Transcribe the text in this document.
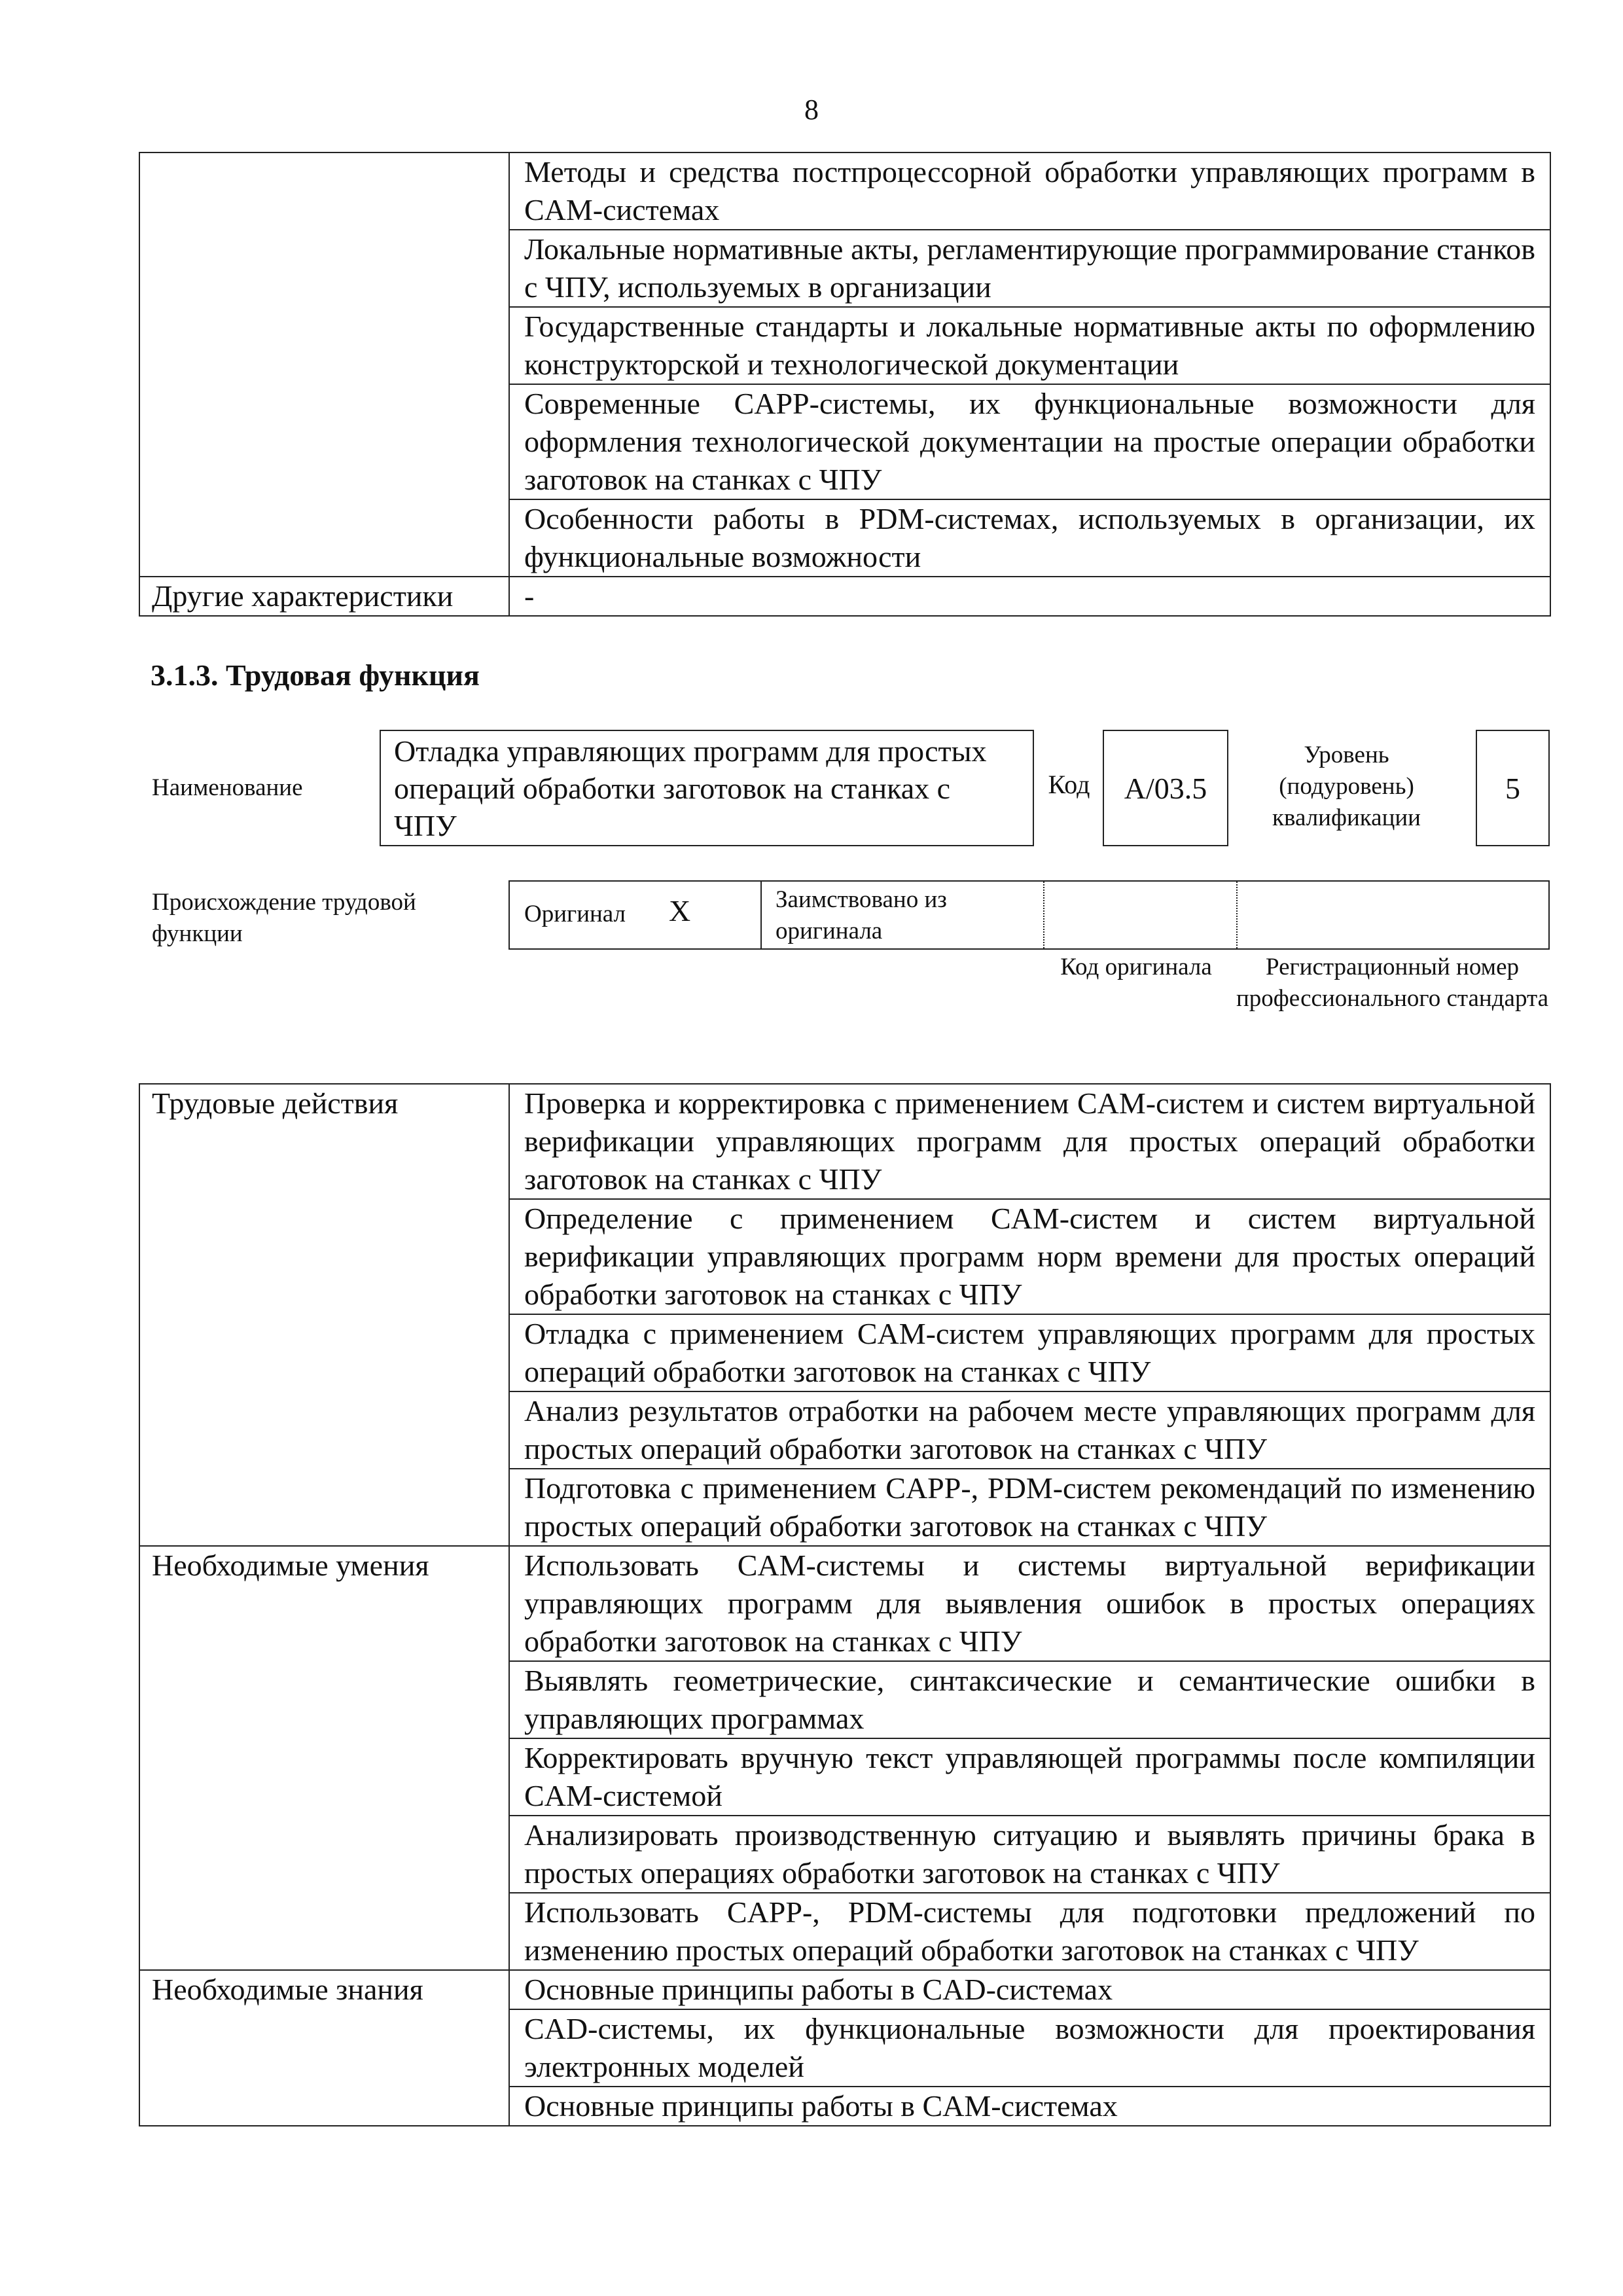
8
	Методы и средства постпроцессорной обработки управляющих программ в CAM-системах
	Локальные нормативные акты, регламентирующие программирование станков с ЧПУ, используемых в организации
	Государственные стандарты и локальные нормативные акты по оформлению конструкторской и технологической документации
	Современные CAPP-системы, их функциональные возможности для оформления технологической документации на простые операции обработки заготовок на станках с ЧПУ
	Особенности работы в PDM-системах, используемых в организации, их функциональные возможности
Другие характеристики	-
3.1.3. Трудовая функция
Наименование
Отладка управляющих программ для простых операций обработки заготовок на станках с ЧПУ
Код	A/03.5
Уровень (подуровень) квалификации
5
Происхождение трудовой функции
Оригинал X	Заимствовано из оригинала
Код оригинала	Регистрационный номер профессионального стандарта
Трудовые действия	Проверка и корректировка с применением CAM-систем и систем виртуальной верификации управляющих программ для простых операций обработки заготовок на станках с ЧПУ
	Определение с применением CAM-систем и систем виртуальной верификации управляющих программ норм времени для простых операций обработки заготовок на станках с ЧПУ
	Отладка с применением CAM-систем управляющих программ для простых операций обработки заготовок на станках с ЧПУ
	Анализ результатов отработки на рабочем месте управляющих программ для простых операций обработки заготовок на станках с ЧПУ
	Подготовка с применением CAPP-, PDM-систем рекомендаций по изменению простых операций обработки заготовок на станках с ЧПУ
Необходимые умения	Использовать CAM-системы и системы виртуальной верификации управляющих программ для выявления ошибок в простых операциях обработки заготовок на станках с ЧПУ
	Выявлять геометрические, синтаксические и семантические ошибки в управляющих программах
	Корректировать вручную текст управляющей программы после компиляции CAM-системой
	Анализировать производственную ситуацию и выявлять причины брака в простых операциях обработки заготовок на станках с ЧПУ
	Использовать CAPP-, PDM-системы для подготовки предложений по изменению простых операций обработки заготовок на станках с ЧПУ
Необходимые знания	Основные принципы работы в CAD-системах
	CAD-системы, их функциональные возможности для проектирования электронных моделей
	Основные принципы работы в CAM-системах
